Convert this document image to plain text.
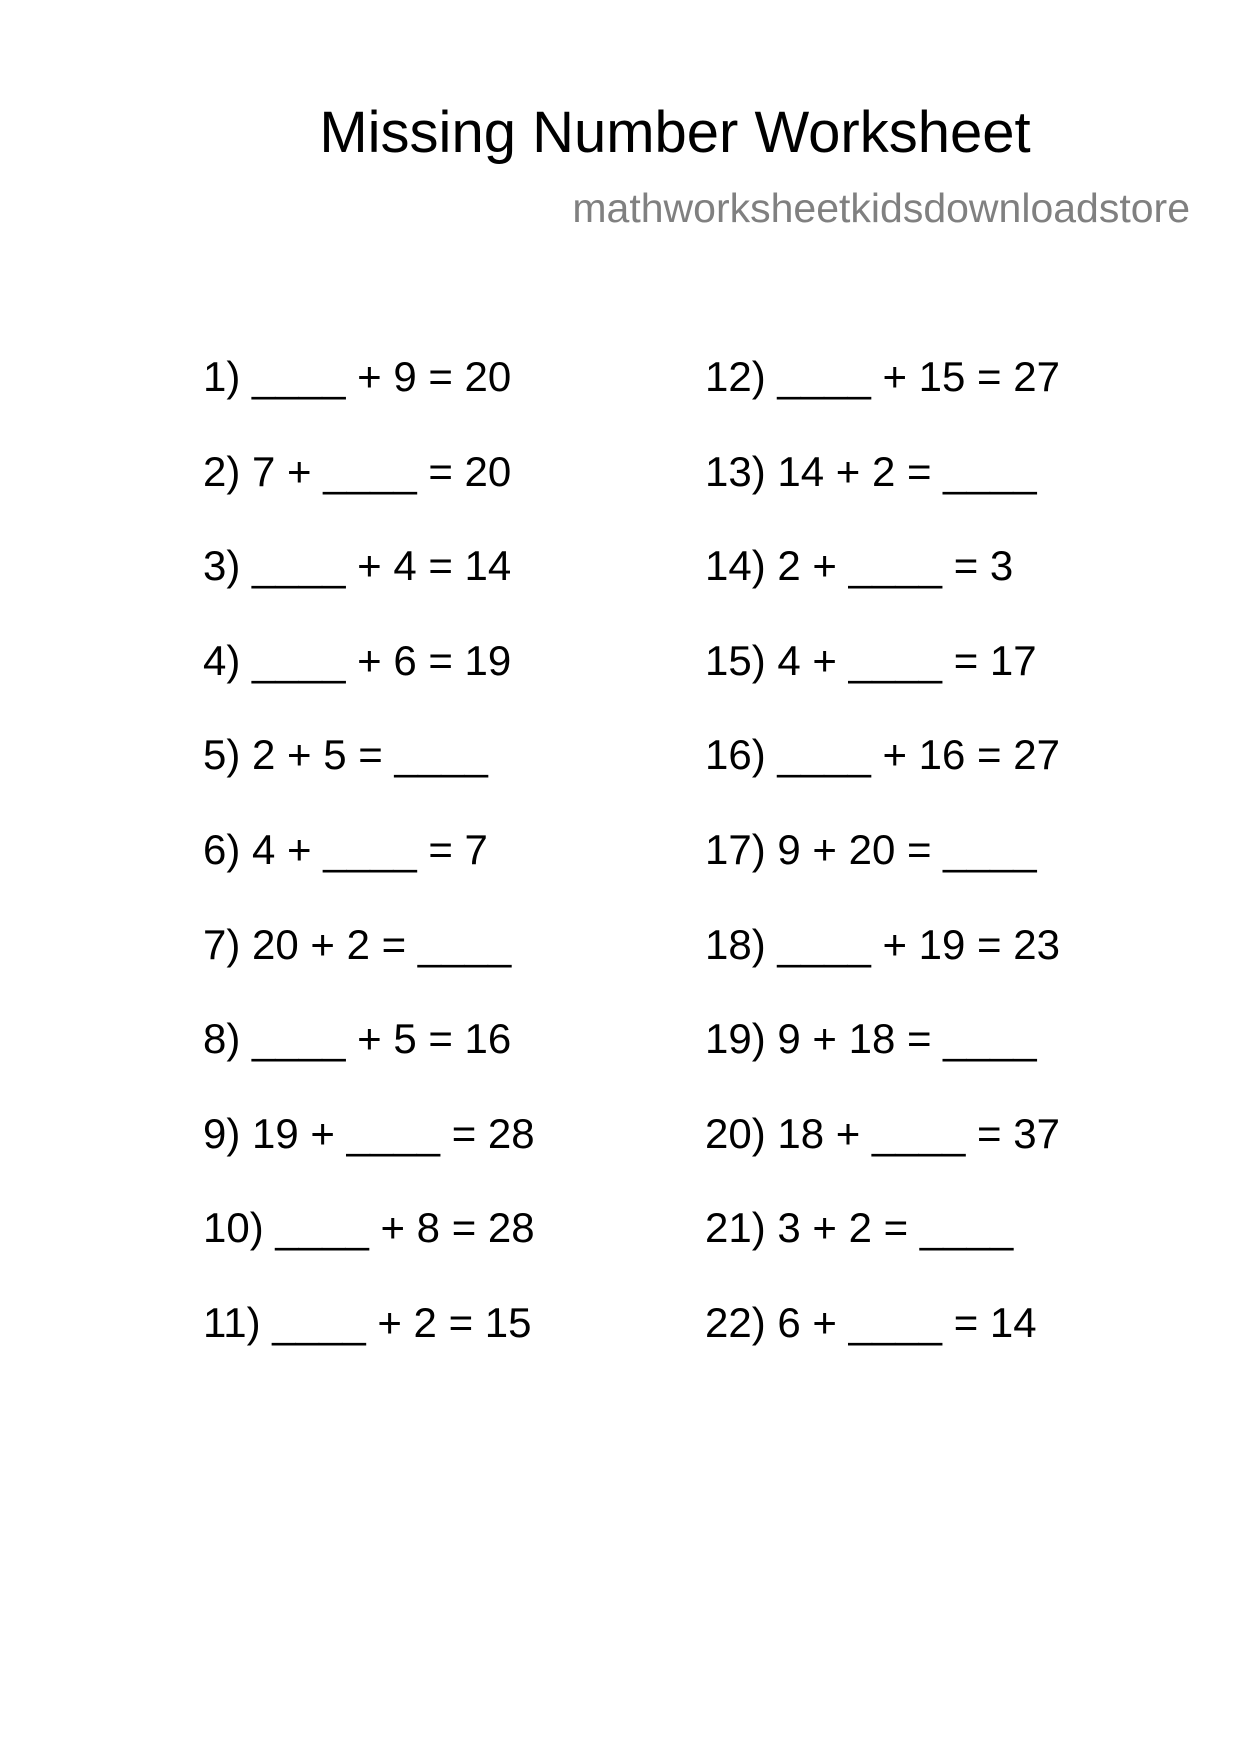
Missing Number Worksheet
mathworksheetkidsdownloadstore
1) ____ + 9 = 20
2) 7 + ____ = 20
3) ____ + 4 = 14
4) ____ + 6 = 19
5) 2 + 5 = ____
6) 4 + ____ = 7
7) 20 + 2 = ____
8) ____ + 5 = 16
9) 19 + ____ = 28
10) ____ + 8 = 28
11) ____ + 2 = 15
12) ____ + 15 = 27
13) 14 + 2 = ____
14) 2 + ____ = 3
15) 4 + ____ = 17
16) ____ + 16 = 27
17) 9 + 20 = ____
18) ____ + 19 = 23
19) 9 + 18 = ____
20) 18 + ____ = 37
21) 3 + 2 = ____
22) 6 + ____ = 14
